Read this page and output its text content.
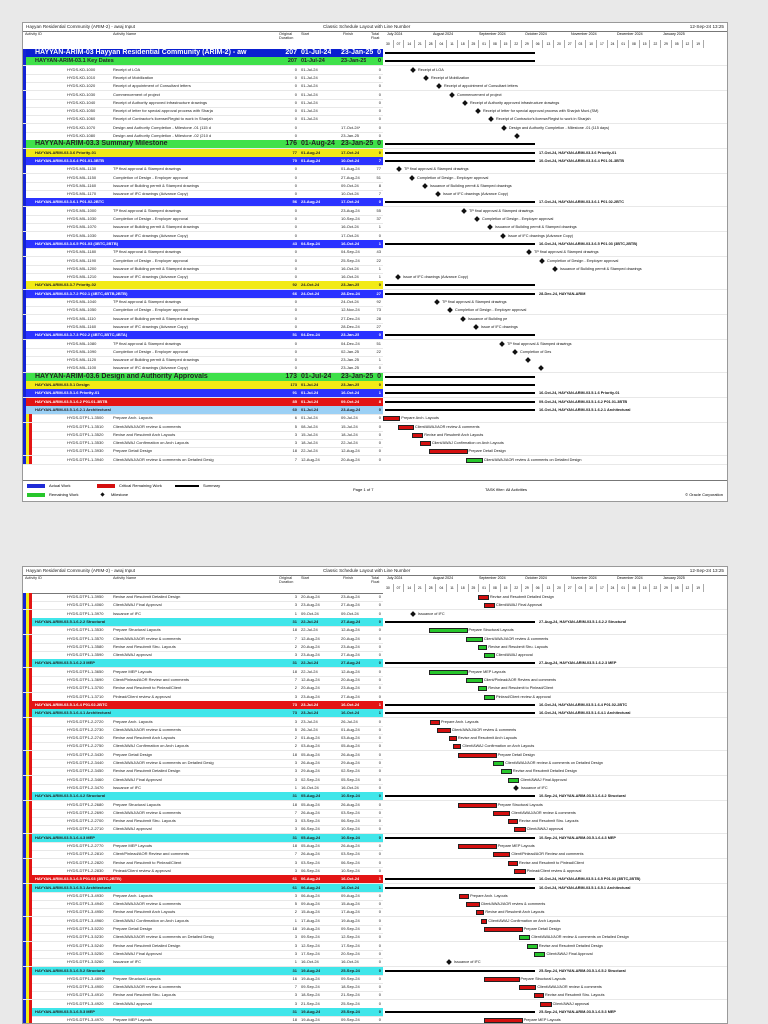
Hayyan Residential Community (ARIM-2) - awaj Input	Classic Schedule Layout with Line Number	12-Sep-24 13:25
Activity ID	Activity Name	Original Duration
Start	Finish	Total Float
July 2024	August 2024	September 2024	October 2024	November 2024	December 2024	January 2025
30	07	14	21	28	04	11	18	25	01	08	15	22	29	06	13	20	27	03	10	17	24	01	08	15	22	29	05	12	19
HAYYAN-ARIM-03 Hayyan Residential Community (ARIM-2) - aw	207 01-Jul-24 23-Jan-25 0
HAYYAN-ARIM-03.1 Key Dates	207 01-Jul-24	23-Jan-25	0
HYDS-KD-1000	Receipt of LOA	0 01-Jul-24	0	Receipt of LOA
HYDS-KD-1010	Receipt of Mobilization	0 01-Jul-24	0	Receipt of Mobilization
HYDS-KD-1020	Receipt of appointment of Consultant letters	0 01-Jul-24	0	Receipt of appointment of Consultant letters
HYDS-KD-1030	Commencement of project	0 01-Jul-24	0	Commencement of project
HYDS-KD-1040	Receipt of Authority approved infrastructure drawings	0 01-Jul-24	0	Receipt of Authority approved infrastructure drawings
HYDS-KD-1050	Receipt of letter for special approval process with Sharja	0 01-Jul-24	0	Receipt of letter for special approval process with Sharjah Muni.(SM)
HYDS-KD-1060	Receipt of Contractor's license/Regist to work in Sharjah	0 01-Jul-24	0	Receipt of Contractor's license/Regist to work in Sharjah
HYDS-KD-1070	Design and Authority Completion - Milestone -01 (115 d	0	17-Oct-24*	0	Design and Authority Completion - Milestone -01 (115 days)
HYDS-KD-1080	Design and Authority Completion - Milestone -02 (210 d	0	23-Jan-25	0
HAYYAN-ARIM-03.3 Summary Milestone	176 01-Aug-24 23-Jan-25 0
HAYYAN-ARIM-03.3.6 Priority-01	77 01-Aug-24	17-Oct-24	0	17-Oct-24, HAYYAN-ARIM-03.3.6 Priority-01
HAYYAN-ARIM-03.3.6.4 P01.01-3BTB	70 01-Aug-24	10-Oct-24	7	10-Oct-24, HAYYAN-ARIM-03.3.6.4 P01.01-3BTB
HYDS-MIL-1130	TP final approval & Stamped drawings	0	01-Aug-24	77	TP final approval & Stamped drawings
HYDS-MIL-1150	Completion of Design - Employer approval	0	27-Aug-24	51	Completion of Design - Employer approval
HYDS-MIL-1160	Issuance of Building permit & Stamped drawings	0	09-Oct-24	8	Issuance of Building permit & Stamped drawings
HYDS-MIL-1170	Issuance of IFC drawings (Advance Copy)	0	10-Oct-24	7	Issue of IFC drawings (Advance Copy)
HAYYAN-ARIM-03.3.6.1 P01.02-2BTC	56 23-Aug-24	17-Oct-24	0	17-Oct-24, HAYYAN-ARIM-03.3.6.1 P01.02-2BTC
HYDS-MIL-1000	TP final approval & Stamped drawings	0	23-Aug-24	55	TP final approval & Stamped drawings
HYDS-MIL-1030	Completion of Design - Employer approval	0	10-Sep-24	37	Completion of Design - Employer approval
HYDS-MIL-1070	Issuance of Building permit & Stamped drawings	0	16-Oct-24	1	Issuance of Building permit & Stamped drawings
HYDS-MIL-1030	Issuance of IFC drawings (Advance Copy)	0	17-Oct-24	0	Issue of IFC drawings (Advance Copy)
HAYYAN-ARIM-03.3.6.5 P01.03 (3BTC,2BTB)	43 04-Sep-24	16-Oct-24	1	16-Oct-24, HAYYAN-ARIM-03.3.6.5 P01.03 (3BTC,2BTB)
HYDS-MIL-1180	TP final approval & Stamped drawings	0	04-Sep-24	43	TP final approval & Stamped drawings
HYDS-MIL-1190	Completion of Design - Employer approval	0	25-Sep-24	22	Completion of Design - Employer approval
HYDS-MIL-1200	Issuance of Building permit & Stamped drawings	0	16-Oct-24	1	Issuance of Building permit & Stamped drawings
HYDS-MIL-1210	Issuance of IFC drawings (Advance Copy)	0	16-Oct-24	1	Issue of IFC drawings (Advance Copy)
HAYYAN-ARIM-03.3.7 Priority-02	92 24-Oct-24	23-Jan-25	0
HAYYAN-ARIM-03.3.7.2 P02.1 (4BTC,4BTB,2BTB)	66 24-Oct-24	28-Dec-24	27	28-Dec-24, HAYYAN-ARIM
HYDS-MIL-1040	TP final approval & Stamped drawings	0	24-Oct-24	92	TP final approval & Stamped drawings
HYDS-MIL-1050	Completion of Design - Employer approval	0	12-Nov-24	73	Completion of Design - Employer approval
HYDS-MIL-1110	Issuance of Building permit & Stamped drawings	0	27-Dec-24	28	Issuance of Building pe
HYDS-MIL-1160	Issuance of IFC drawings (Advance Copy)	0	28-Dec-24	27	Issue of IFC drawings
HAYYAN-ARIM-03.3.7.3 P02.2 (4BTC,3BTC,4BTA)	51 04-Dec-24	23-Jan-25	0
HYDS-MIL-1080	TP final approval & Stamped drawings	0	04-Dec-24	51	TP final approval & Stamped drawings
HYDS-MIL-1090	Completion of Design - Employer approval	0	02-Jan-25	22	Completion of Des
HYDS-MIL-1120	Issuance of Building permit & Stamped drawings	0	23-Jan-25	1
HYDS-MIL-1100	Issuance of IFC drawings (Advance Copy)	0	23-Jan-25	0
HAYYAN-ARIM-03.6 Design and Authority Approvals	173 01-Jul-24 23-Jan-25 0
HAYYAN-ARIM-03.5.1 Design	173 01-Jul-24	23-Jan-25	0
HAYYAN-ARIM-03.5.1.6 Priority-01	91 01-Jul-24	16-Oct-24	1	16-Oct-24, HAYYAN-ARIM-03.5.1.6 Priority-01
HAYYAN-ARIM-03.5.1.6.2 P01.01-3BTB	85 01-Jul-24	09-Oct-24	8	09-Oct-24, HAYYAN-ARIM-03.5.1.6.2 P01.01-3BTB
HAYYAN-ARIM-03.5.1.6.2.1 Architectural	60 01-Jul-24	23-Aug-24	0	16-Oct-24, HAYYAN-ARIM-03.5.1.6.2.1 Architectural
HYDS-DTP1-1-3500	Prepare Arch. Layouts	6 01-Jul-24	09-Jul-24	0	Prepare Arch. Layouts
HYDS-DTP1-1-3510	Client/AWAJ/AOR review & comments	5 08-Jul-24	15-Jul-24	0	Client/AWAJ/AOR review & comments
HYDS-DTP1-1-3520	Revise and Resubmit Arch Layouts	3 15-Jul-24	18-Jul-24	0	Revise and Resubmit Arch Layouts
HYDS-DTP1-1-3530	Client/AWAJ Confirmation on Arch Layouts	3 18-Jul-24	22-Jul-24	0	Client/AWAJ Confirmation on Arch Layouts
HYDS-DTP1-1-3930	Prepare Detail Design	18 22-Jul-24	12-Aug-24	0	Prepare Detail Design
HYDS-DTP1-1-3940	Client/AWAJ/AOR review & comments on Detailed Desig	7 12-Aug-24	20-Aug-24	0	Client/AWAJ/AOR review & comments on Detailed Design
Actual Work
Remaining Work
Critical Remaining Work
Milestone
Summary
Page 1 of 7	TASK filter: All Activities
© Oracle Corporation
Hayyan Residential Community (ARIM-2) - awaj Input	Classic Schedule Layout with Line Number	12-Sep-24 13:25
Activity ID	Activity Name	Original Duration
Start	Finish	Total Float
July 2024	August 2024	September 2024	October 2024	November 2024	December 2024	January 2025
30	07	14	21	28	04	11	18	25	01	08	15	22	29	06	13	20	27	03	10	17	24	01	08	15	22	29	05	12	19
HYDS-DTP1-1-3950	Revise and Resubmit Detailed Design	3 20-Aug-24	23-Aug-24	0	Revise and Resubmit Detailed Design
HYDS-DTP1-1-4060	Client/AWAJ Final Approval	3 23-Aug-24	27-Aug-24	0	Client/AWAJ Final Approval
HYDS-DTP1-1-3970	Issuance of IFC	1 09-Oct-24	09-Oct-24	0	Issuance of IFC
HAYYAN-ARIM-03.5.1.6.2.2 Structural	31 22-Jul-24	27-Aug-24	0	27-Aug-24, HAYYAN-ARIM-03.5.1.6.2.2 Structural
HYDS-DTP1-1-3530	Prepare Structural Layouts	18 22-Jul-24	12-Aug-24	0	Prepare Structural Layouts
HYDS-DTP1-1-3570	Client/AWAJ/AOR review & comments	7 12-Aug-24	20-Aug-24	0	Client/AWAJ/AOR review & comments
HYDS-DTP1-1-3580	Revise and Resubmit Stru. Layouts	2 20-Aug-24	23-Aug-24	0	Revise and Resubmit Stru. Layouts
HYDS-DTP1-1-3590	Client/AWAJ approval	3 23-Aug-24	27-Aug-24	0	Client/AWAJ approval
HAYYAN-ARIM-03.5.1.6.2.3 MEP	31 22-Jul-24	27-Aug-24	0	27-Aug-24, HAYYAN-ARIM-03.5.1.6.2.3 MEP
HYDS-DTP1-1-3650	Prepare MEP Layouts	18 22-Jul-24	12-Aug-24	0	Prepare MEP Layouts
HYDS-DTP1-1-3690	Client/Pinlead/AOR Review and comments	7 12-Aug-24	20-Aug-24	0	Client/Pinlead/AOR Review and comments
HYDS-DTP1-1-3700	Revise and Resubmit to Pinlead/Client	2 20-Aug-24	23-Aug-24	0	Revise and Resubmit to Pinlead/Client
HYDS-DTP1-1-3710	Pinlead/Client review & approval	3 23-Aug-24	27-Aug-24	0	Pinlead/Client review & approval
HAYYAN-ARIM-03.5.1.6.4 P01.02-2BTC	73 23-Jul-24	16-Oct-24	1	16-Oct-24, HAYYAN-ARIM-03.5.1.6.4 P01.02-2BTC
HAYYAN-ARIM-03.5.1.6.4.1 Architectural	73 23-Jul-24	16-Oct-24	1	16-Oct-24, HAYYAN-ARIM-03.5.1.6.4.1 Architectural
HYDS-DTP1-2-2720	Prepare Arch. Layouts	3 23-Jul-24	26-Jul-24	0	Prepare Arch. Layouts
HYDS-DTP1-2-2730	Client/AWAJ/AOR review & comments	5 26-Jul-24	01-Aug-24	0	Client/AWAJ/AOR review & comments
HYDS-DTP1-2-2740	Revise and Resubmit Arch Layouts	2 01-Aug-24	03-Aug-24	0	Revise and Resubmit Arch Layouts
HYDS-DTP1-2-2750	Client/AWAJ Confirmation on Arch Layouts	2 03-Aug-24	05-Aug-24	0	Client/AWAJ Confirmation on Arch Layouts
HYDS-DTP1-2-3430	Prepare Detail Design	18 05-Aug-24	26-Aug-24	0	Prepare Detail Design
HYDS-DTP1-2-3440	Client/AWAJ/AOR review & comments on Detailed Desig	3 26-Aug-24	29-Aug-24	0	Client/AWAJ/AOR review & comments on Detailed Design
HYDS-DTP1-2-3450	Revise and Resubmit Detailed Design	3 29-Aug-24	02-Sep-24	0	Revise and Resubmit Detailed Design
HYDS-DTP1-2-3460	Client/AWAJ Final Approval	3 02-Sep-24	05-Sep-24	0	Client/AWAJ Final Approval
HYDS-DTP1-2-3470	Issuance of IFC	1 16-Oct-24	16-Oct-24	0	Issuance of IFC
HAYYAN-ARIM-03.5.1.6.4.2 Structural	31 05-Aug-24	10-Sep-24	0	10-Sep-24, HAYYAN-ARIM-03.5.1.6.4.2 Structural
HYDS-DTP1-2-2680	Prepare Structural Layouts	18 05-Aug-24	26-Aug-24	0	Prepare Structural Layouts
HYDS-DTP1-2-2690	Client/AWAJ/AOR review & comments	7 26-Aug-24	03-Sep-24	0	Client/AWAJ/AOR review & comments
HYDS-DTP1-2-2700	Revise and Resubmit Stru. Layouts	3 03-Sep-24	06-Sep-24	0	Revise and Resubmit Stru. Layouts
HYDS-DTP1-2-2710	Client/AWAJ approval	3 06-Sep-24	10-Sep-24	0	Client/AWAJ approval
HAYYAN-ARIM-03.5.1.6.4.3 MEP	31 05-Aug-24	10-Sep-24	0	10-Sep-24, HAYYAN-ARIM-03.5.1.6.4.3 MEP
HYDS-DTP1-2-2770	Prepare MEP Layouts	18 05-Aug-24	26-Aug-24	0	Prepare MEP Layouts
HYDS-DTP1-2-2810	Client/Pinlead/AOR Review and comments	7 26-Aug-24	03-Sep-24	0	Client/Pinlead/AOR Review and comments
HYDS-DTP1-2-2820	Revise and Resubmit to Pinlead/Client	3 03-Sep-24	06-Sep-24	0	Revise and Resubmit to Pinlead/Client
HYDS-DTP1-2-2830	Pinlead/Client review & approval	3 06-Sep-24	10-Sep-24	0	Pinlead/Client review & approval
HAYYAN-ARIM-03.5.1.6.5 P01.03 (3BTC,2BTB)	61 06-Aug-24	16-Oct-24	1	16-Oct-24, HAYYAN-ARIM-03.5.1.6.5 P01.03 (3BTC,2BTB)
HAYYAN-ARIM-03.5.1.6.5.1 Architectural	61 06-Aug-24	16-Oct-24	1	16-Oct-24, HAYYAN-ARIM-03.5.1.6.5.1 Architectural
HYDS-DTP1-3-4930	Prepare Arch. Layouts	3 06-Aug-24	09-Aug-24	0	Prepare Arch. Layouts
HYDS-DTP1-3-4940	Client/AWAJ/AOR review & comments	5 09-Aug-24	15-Aug-24	0	Client/AWAJ/AOR review & comments
HYDS-DTP1-3-4950	Revise and Resubmit Arch Layouts	2 15-Aug-24	17-Aug-24	0	Revise and Resubmit Arch Layouts
HYDS-DTP1-3-4960	Client/AWAJ Confirmation on Arch Layouts	1 17-Aug-24	19-Aug-24	0	Client/AWAJ Confirmation on Arch Layouts
HYDS-DTP1-3-5220	Prepare Detail Design	18 19-Aug-24	09-Sep-24	0	Prepare Detail Design
HYDS-DTP1-3-5230	Client/AWAJ/AOR review & comments on Detailed Desig	3 09-Sep-24	12-Sep-24	0	Client/AWAJ/AOR review & comments on Detailed Design
HYDS-DTP1-3-5240	Revise and Resubmit Detailed Design	3 12-Sep-24	17-Sep-24	0	Revise and Resubmit Detailed Design
HYDS-DTP1-3-5250	Client/AWAJ Final Approval	3 17-Sep-24	20-Sep-24	0	Client/AWAJ Final Approval
HYDS-DTP1-3-5260	Issuance of IFC	1 16-Oct-24	16-Oct-24	0	Issuance of IFC
HAYYAN-ARIM-03.5.1.6.5.2 Structural	31 19-Aug-24	25-Sep-24	0	25-Sep-24, HAYYAN-ARIM-03.5.1.6.5.2 Structural
HYDS-DTP1-3-4890	Prepare Structural Layouts	16 19-Aug-24	09-Sep-24	0	Prepare Structural Layouts
HYDS-DTP1-3-4900	Client/AWAJ/AOR review & comments	7 09-Sep-24	18-Sep-24	0	Client/AWAJ/AOR review & comments
HYDS-DTP1-3-4910	Revise and Resubmit Stru. Layouts	3 18-Sep-24	21-Sep-24	0	Revise and Resubmit Stru. Layouts
HYDS-DTP1-3-4920	Client/AWAJ approval	3 21-Sep-24	25-Sep-24	0	Client/AWAJ approval
HAYYAN-ARIM-03.5.1.6.5.3 MEP	31 19-Aug-24	25-Sep-24	0	25-Sep-24, HAYYAN-ARIM-03.5.1.6.5.3 MEP
HYDS-DTP1-3-4970	Prepare MEP Layouts	18 19-Aug-24	09-Sep-24	0	Prepare MEP Layouts
